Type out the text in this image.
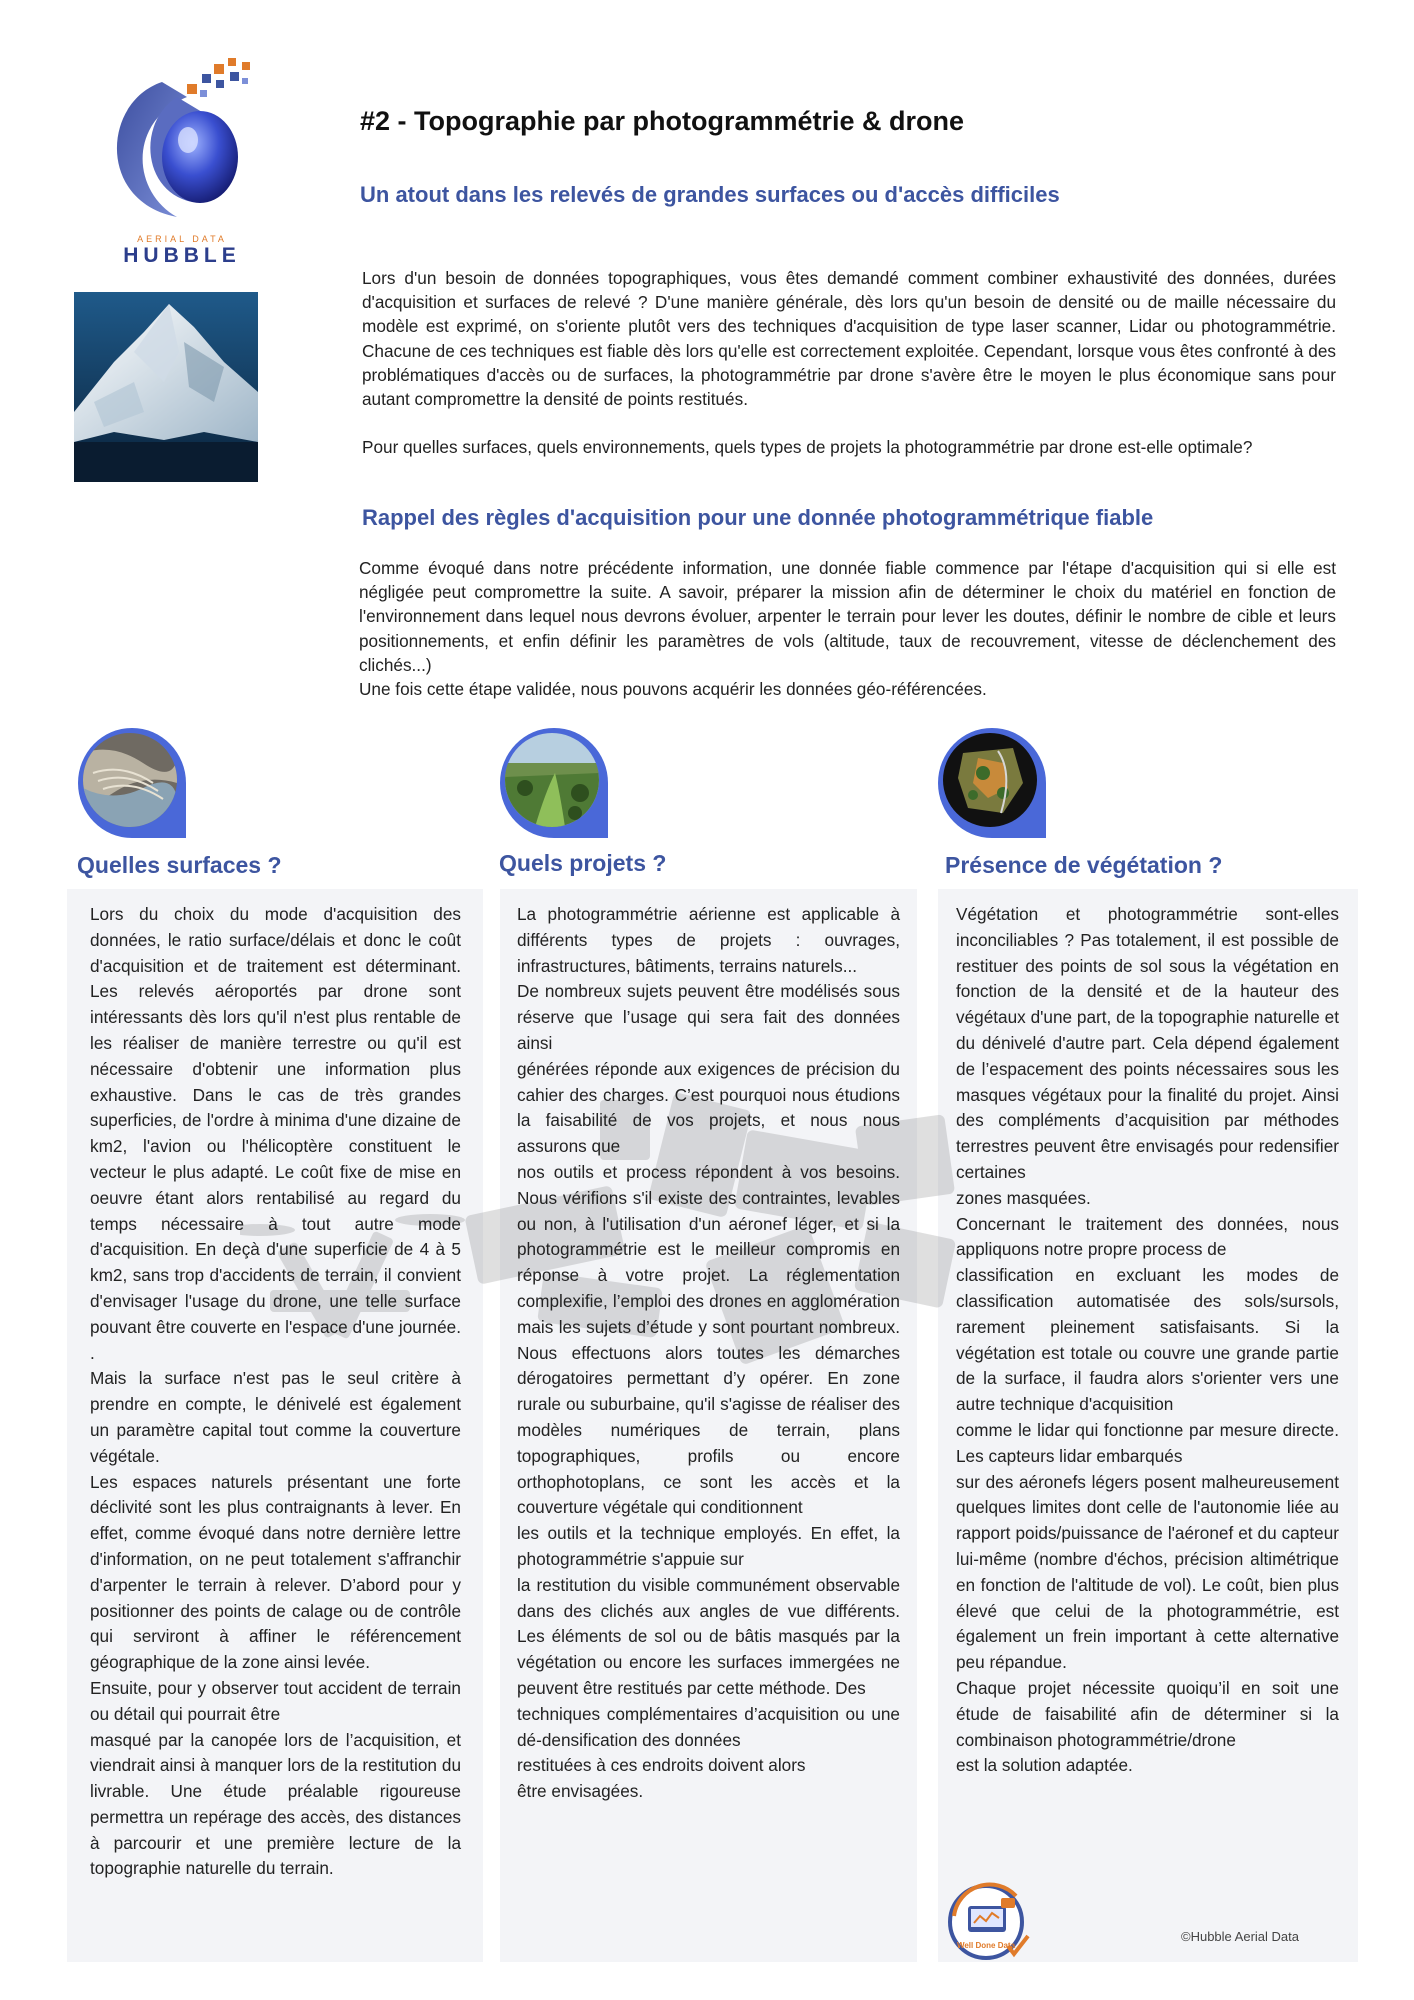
AERIAL DATA
HUBBLE
#2 - Topographie par photogrammétrie & drone
Un atout dans les relevés de grandes surfaces ou d'accès difficiles

Lors d'un besoin de données topographiques, vous êtes demandé comment combiner exhaustivité des données, durées d'acquisition et surfaces de relevé ? D'une manière générale, dès lors qu'un besoin de densité ou de maille nécessaire du modèle est exprimé, on s'oriente plutôt vers des techniques d'acquisition de type laser scanner, Lidar ou photogrammétrie. Chacune de ces techniques est fiable dès lors qu'elle est correctement exploitée. Cependant, lorsque vous êtes confronté à des problématiques d'accès ou de surfaces, la photogrammétrie par drone s'avère être le moyen le plus économique sans pour autant compromettre la densité de points restitués.

Pour quelles surfaces, quels environnements, quels types de projets la photogrammétrie par drone est-elle optimale?

Rappel des règles d'acquisition pour une donnée photogrammétrique fiable

Comme évoqué dans notre précédente information, une donnée fiable commence par l'étape d'acquisition qui si elle est négligée peut compromettre la suite. A savoir, préparer la mission afin de déterminer le choix du matériel en fonction de l'environnement dans lequel nous devrons évoluer, arpenter le terrain pour lever les doutes, définir le nombre de cible et leurs positionnements, et enfin définir les paramètres de vols (altitude, taux de recouvrement, vitesse de déclenchement des clichés...)

Une fois cette étape validée, nous pouvons acquérir les données géo-référencées.

Quelles surfaces ?	Quels projets ?	Présence de végétation ?
Lors du choix du mode d'acquisition des données, le ratio surface/délais et donc le coût d'acquisition et de traitement est déterminant. Les relevés aéroportés par drone sont intéressants dès lors qu'il n'est plus rentable de les réaliser de manière terrestre ou qu'il est nécessaire d'obtenir une information plus exhaustive. Dans le cas de très grandes superficies, de l'ordre à minima d'une dizaine de km2, l'avion ou l'hélicoptère constituent le vecteur le plus adapté. Le coût fixe de mise en oeuvre étant alors rentabilisé au regard du temps nécessaire à tout autre mode d'acquisition. En deçà d'une superficie de 4 à 5 km2, sans trop d'accidents de terrain, il convient d'envisager l'usage du drone, une telle surface pouvant être couverte en l'espace d'une journée. .
Mais la surface n'est pas le seul critère à prendre en compte, le dénivelé est également un paramètre capital tout comme la couverture végétale.
Les espaces naturels présentant une forte déclivité sont les plus contraignants à lever. En effet, comme évoqué dans notre dernière lettre d'information, on ne peut totalement s'affranchir d'arpenter le terrain à relever. D’abord pour y positionner des points de calage ou de contrôle qui serviront à affiner le référencement géographique de la zone ainsi levée.
Ensuite, pour y observer tout accident de terrain ou détail qui pourrait être
masqué par la canopée lors de l’acquisition, et viendrait ainsi à manquer lors de la restitution du livrable. Une étude préalable rigoureuse permettra un repérage des accès, des distances à parcourir et une première lecture de la topographie naturelle du terrain.
La photogrammétrie aérienne est applicable à différents types de projets : ouvrages, infrastructures, bâtiments, terrains naturels...
De nombreux sujets peuvent être modélisés sous réserve que l’usage qui sera fait des données ainsi
générées réponde aux exigences de précision du cahier des charges. C’est pourquoi nous étudions la faisabilité de vos projets, et nous nous assurons que
nos outils et process répondent à vos besoins. Nous vérifions s'il existe des contraintes, levables ou non, à l'utilisation d'un aéronef léger, et si la photogrammétrie est le meilleur compromis en réponse à votre projet. La réglementation complexifie, l’emploi des drones en agglomération mais les sujets d’étude y sont pourtant nombreux. Nous effectuons alors toutes les démarches dérogatoires permettant d’y opérer. En zone rurale ou suburbaine, qu'il s'agisse de réaliser des modèles numériques de terrain, plans topographiques, profils ou encore orthophotoplans, ce sont les accès et la couverture végétale qui conditionnent
les outils et la technique employés. En effet, la photogrammétrie s'appuie sur
la restitution du visible communément observable dans des clichés aux angles de vue différents. Les éléments de sol ou de bâtis masqués par la végétation ou encore les surfaces immergées ne peuvent être restitués par cette méthode. Des
techniques complémentaires d’acquisition ou une dé-densification des données
restituées à ces endroits doivent alors
être envisagées.
Végétation et photogrammétrie sont-elles inconciliables ? Pas totalement, il est possible de restituer des points de sol sous la végétation en fonction de la densité et de la hauteur des végétaux d'une part, de la topographie naturelle et du dénivelé d'autre part. Cela dépend également de l’espacement des points nécessaires sous les masques végétaux pour la finalité du projet. Ainsi des compléments d’acquisition par méthodes terrestres peuvent être envisagés pour redensifier certaines
zones masquées.
Concernant le traitement des données, nous appliquons notre propre process de
classification en excluant les modes de classification automatisée des sols/sursols, rarement pleinement satisfaisants. Si la végétation est totale ou couvre une grande partie de la surface, il faudra alors s'orienter vers une autre technique d'acquisition
comme le lidar qui fonctionne par mesure directe. Les capteurs lidar embarqués
sur des aéronefs légers posent malheureusement quelques limites dont celle de l'autonomie liée au rapport poids/puissance de l'aéronef et du capteur lui-même (nombre d'échos, précision altimétrique en fonction de l'altitude de vol). Le coût, bien plus élevé que celui de la photogrammétrie, est également un frein important à cette alternative peu répandue.
Chaque projet nécessite quoiqu’il en soit une étude de faisabilité afin de déterminer si la combinaison photogrammétrie/drone
est la solution adaptée.
Well Done Data
©Hubble Aerial Data
